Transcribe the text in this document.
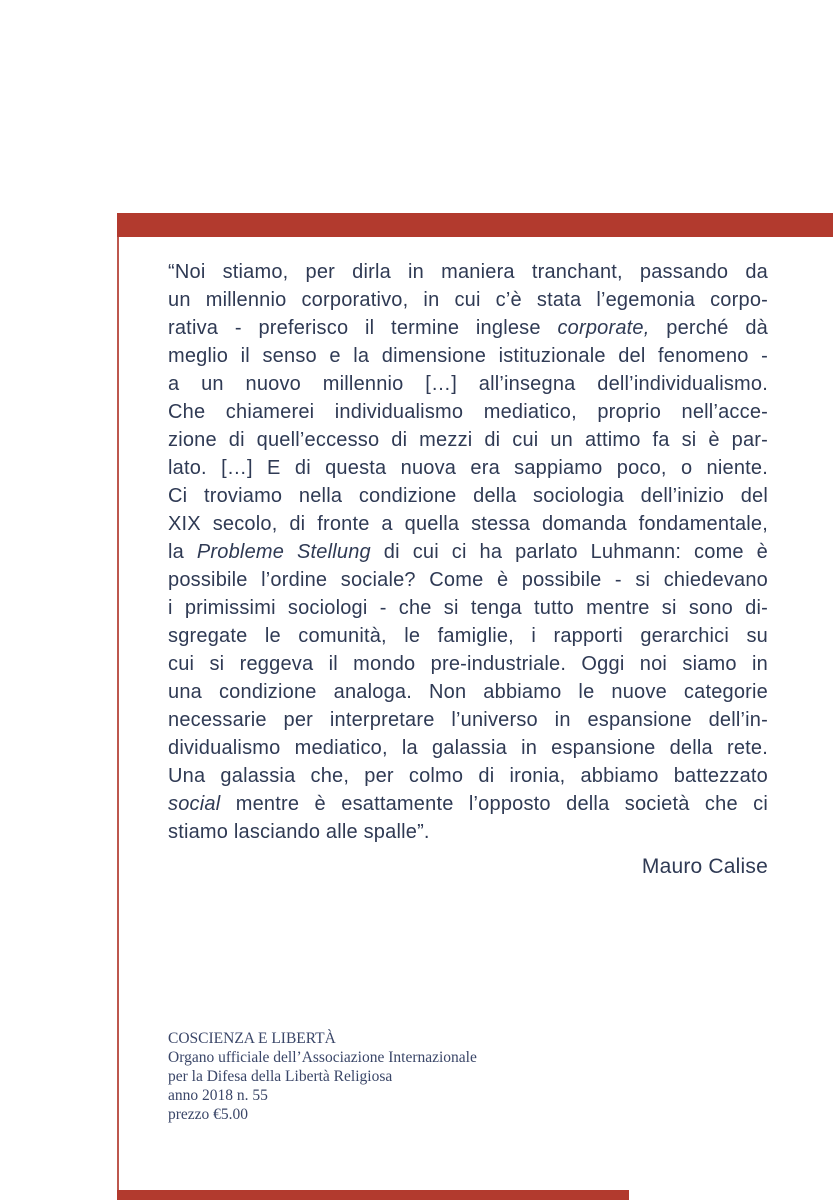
“Noi stiamo, per dirla in maniera tranchant, passando da
un millennio corporativo, in cui c’è stata l’egemonia corpo-
rativa - preferisco il termine inglese corporate, perché dà
meglio il senso e la dimensione istituzionale del fenomeno -
a un nuovo millennio […] all’insegna dell’individualismo.
Che chiamerei individualismo mediatico, proprio nell’acce-
zione di quell’eccesso di mezzi di cui un attimo fa si è par-
lato. […] E di questa nuova era sappiamo poco, o niente.
Ci troviamo nella condizione della sociologia dell’inizio del
XIX secolo, di fronte a quella stessa domanda fondamentale,
la Probleme Stellung di cui ci ha parlato Luhmann: come è
possibile l’ordine sociale? Come è possibile - si chiedevano
i primissimi sociologi - che si tenga tutto mentre si sono di-
sgregate le comunità, le famiglie, i rapporti gerarchici su
cui si reggeva il mondo pre-industriale. Oggi noi siamo in
una condizione analoga. Non abbiamo le nuove categorie
necessarie per interpretare l’universo in espansione dell’in-
dividualismo mediatico, la galassia in espansione della rete.
Una galassia che, per colmo di ironia, abbiamo battezzato
social mentre è esattamente l’opposto della società che ci
stiamo lasciando alle spalle”.
Mauro Calise
COSCIENZA E LIBERTÀ
Organo ufficiale dell’Associazione Internazionale
per la Difesa della Libertà Religiosa
anno 2018 n. 55
prezzo €5.00
